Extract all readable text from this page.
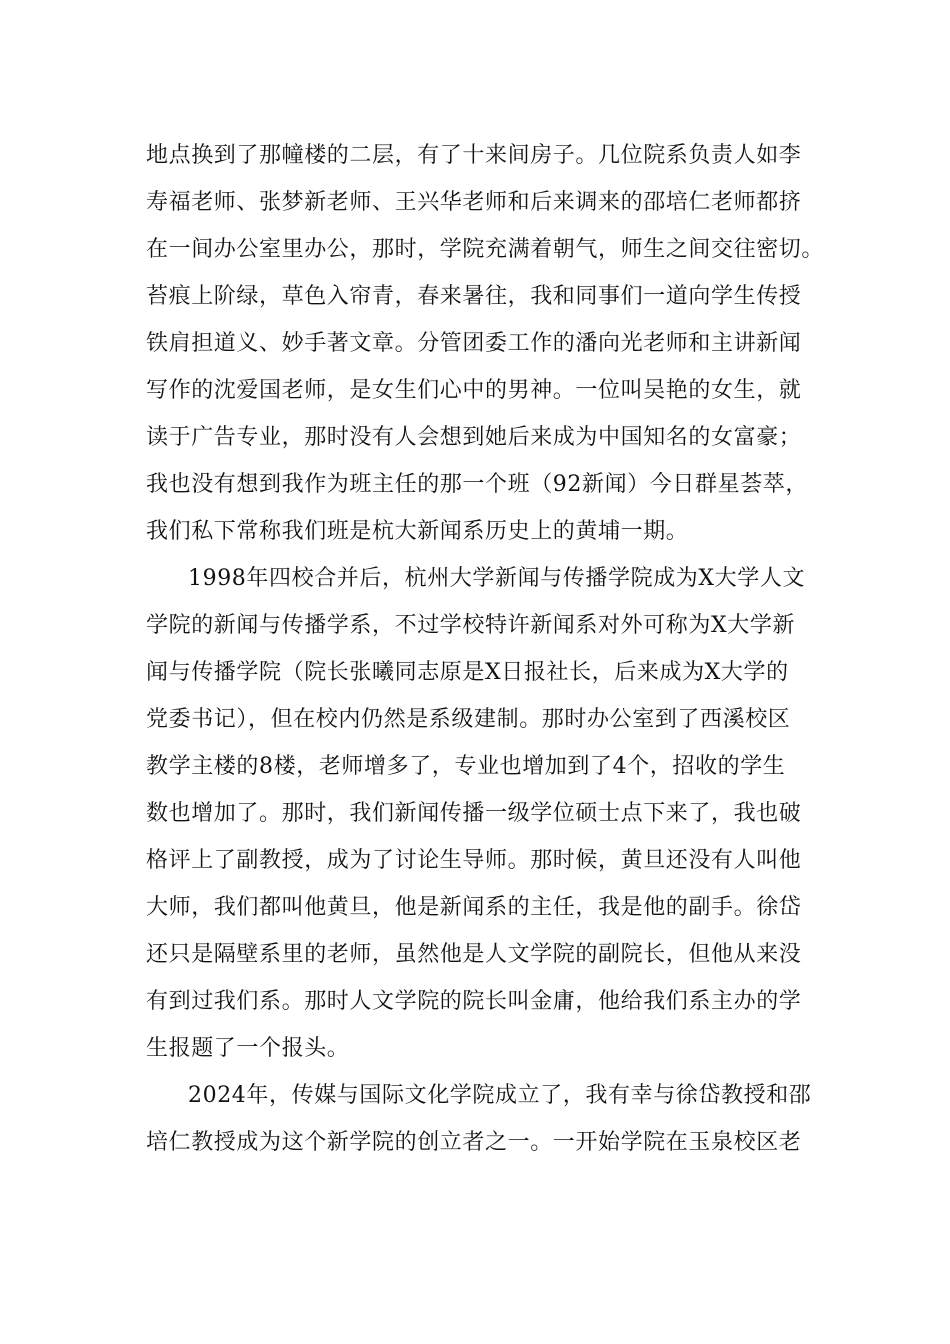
地点换到了那幢楼的二层，有了十来间房子。几位院系负责人如李
寿福老师、张梦新老师、王兴华老师和后来调来的邵培仁老师都挤
在一间办公室里办公，那时，学院充满着朝气，师生之间交往密切。
苔痕上阶绿，草色入帘青，春来暑往，我和同事们一道向学生传授
铁肩担道义、妙手著文章。分管团委工作的潘向光老师和主讲新闻
写作的沈爱国老师，是女生们心中的男神。一位叫吴艳的女生，就
读于广告专业，那时没有人会想到她后来成为中国知名的女富豪；
我也没有想到我作为班主任的那一个班（92新闻）今日群星荟萃，
我们私下常称我们班是杭大新闻系历史上的黄埔一期。
1998年四校合并后，杭州大学新闻与传播学院成为X大学人文
学院的新闻与传播学系，不过学校特许新闻系对外可称为X大学新
闻与传播学院（院长张曦同志原是X日报社长，后来成为X大学的
党委书记），但在校内仍然是系级建制。那时办公室到了西溪校区
教学主楼的8楼，老师增多了，专业也增加到了4个，招收的学生
数也增加了。那时，我们新闻传播一级学位硕士点下来了，我也破
格评上了副教授，成为了讨论生导师。那时候，黄旦还没有人叫他
大师，我们都叫他黄旦，他是新闻系的主任，我是他的副手。徐岱
还只是隔壁系里的老师，虽然他是人文学院的副院长，但他从来没
有到过我们系。那时人文学院的院长叫金庸，他给我们系主办的学
生报题了一个报头。
2024年，传媒与国际文化学院成立了，我有幸与徐岱教授和邵
培仁教授成为这个新学院的创立者之一。一开始学院在玉泉校区老
